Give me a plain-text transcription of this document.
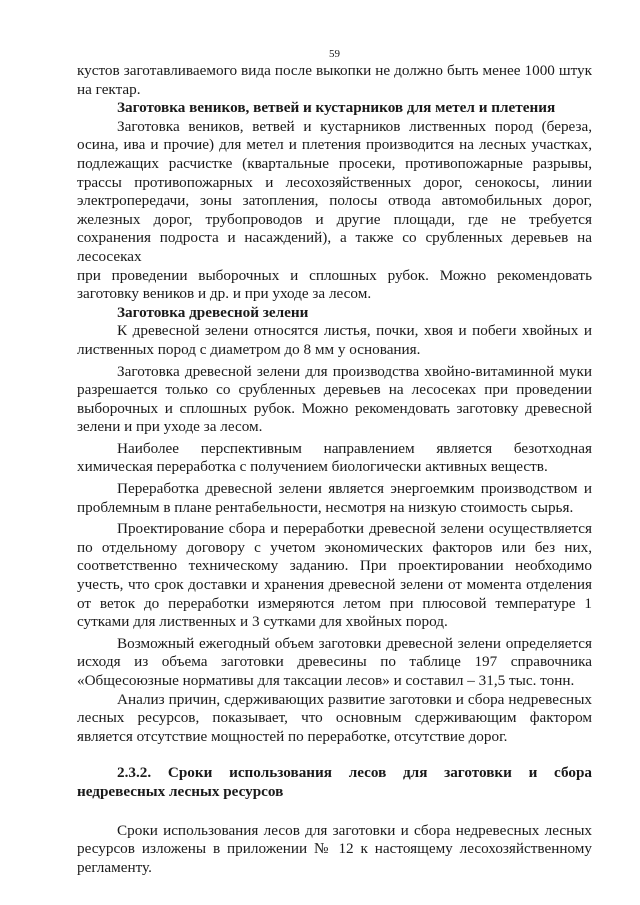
59

кустов заготавливаемого вида после выкопки не должно быть менее 1000 штук на гектар.

Заготовка веников, ветвей и кустарников для метел и плетения

Заготовка веников, ветвей и кустарников лиственных пород (береза, осина, ива и прочие) для метел и плетения производится на лесных участках, подлежащих расчистке (квартальные просеки, противопожарные разрывы, трассы противопожарных и лесохозяйственных дорог, сенокосы, линии электропередачи, зоны затопления, полосы отвода автомобильных дорог, железных дорог, трубопроводов и другие площади, где не требуется сохранения подроста и насаждений), а также со срубленных деревьев на лесосеках

при проведении выборочных и сплошных рубок. Можно рекомендовать заготовку веников и др. и при уходе за лесом.

Заготовка древесной зелени

К древесной зелени относятся листья, почки, хвоя и побеги хвойных и лиственных пород с диаметром до 8 мм у основания.

Заготовка древесной зелени для производства хвойно-витаминной муки разрешается только со срубленных деревьев на лесосеках при проведении выборочных и сплошных рубок. Можно рекомендовать заготовку древесной зелени и при уходе за лесом.

Наиболее перспективным направлением является безотходная химическая переработка с получением биологически активных веществ.

Переработка древесной зелени является энергоемким производством и проблемным в плане рентабельности, несмотря на низкую стоимость сырья.

Проектирование сбора и переработки древесной зелени осуществляется по отдельному договору с учетом экономических факторов или без них, соответственно техническому заданию. При проектировании необходимо учесть, что срок доставки и хранения древесной зелени от момента отделения от веток до переработки измеряются летом при плюсовой температуре 1 сутками для лиственных и 3 сутками для хвойных пород.

Возможный ежегодный объем заготовки древесной зелени определяется исходя из объема заготовки древесины по таблице 197 справочника «Общесоюзные нормативы для таксации лесов» и составил – 31,5 тыс. тонн.

Анализ причин, сдерживающих развитие заготовки и сбора недревесных лесных ресурсов, показывает, что основным сдерживающим фактором является отсутствие мощностей по переработке, отсутствие дорог.

2.3.2. Сроки использования лесов для заготовки и сбора недревесных лесных ресурсов

Сроки использования лесов для заготовки и сбора недревесных лесных ресурсов изложены в приложении № 12 к настоящему лесохозяйственному регламенту.
